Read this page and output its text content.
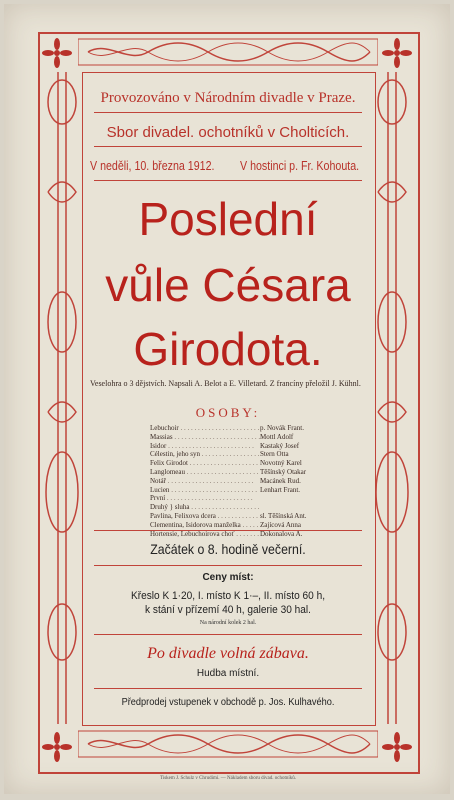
Provozováno v Národním divadle v Praze.
Sbor divadel. ochotníků v Cholticích.
V neděli, 10. března 1912. V hostinci p. Fr. Kohouta.
Poslední
vůle Césara
Girodota.
Veselohra o 3 dějstvích. Napsali A. Belot a E. Villetard. Z francíny přeložil J. Kühnl.
OSOBY:
Lebuchoir . . .	p. Novák Frant.
Massias . . .	Mottl Adolf
Isidor . . .	Kastaký Josef
Célestin, jeho syn . . .	Stern Otta
Felix Girodot . . .	Novotný Karel
Langlomeau . . .	Těšínský Otakar
Notář . . .	Macánek Rud.
Lucien . . .	Lenhart Frant.
První . . .
Druhý } sluha . . .
Pavlina, Felixova dcera . . .	sl. Těšínská Ant.
Clementina, Isidorova manželka . . .	Zajícová Anna
Hortensie, Lebuchoirova choť . . .	Dokonalova A.
Začátek o 8. hodině večerní.
Ceny míst:
Křeslo K 1·20, I. místo K 1·–, II. místo 60 h,
k stání v přízemí 40 h, galerie 30 hal.
Na národní kolek 2 hal.
Po divadle volná zábava.
Hudba místní.
Předprodej vstupenek v obchodě p. Jos. Kulhavého.
Tiskem J. Schulz v Chrudimi. — Nákladem sboru divad. ochotníků.
